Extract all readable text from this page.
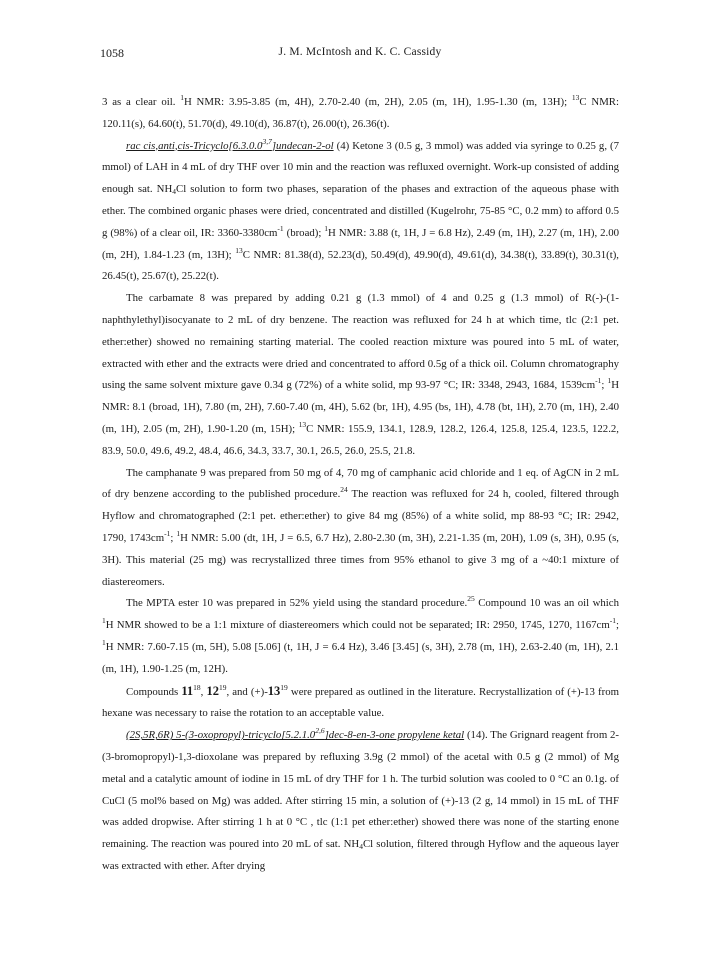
1058	J. M. McIntosh and K. C. Cassidy

3 as a clear oil. $^1$H NMR: 3.95-3.85 (m, 4H), 2.70-2.40 (m, 2H), 2.05 (m, 1H), 1.95-1.30 (m, 13H); $^{13}$C NMR: 120.11(s), 64.60(t), 51.70(d), 49.10(d), 36.87(t), 26.00(t), 26.36(t).

rac cis,anti,cis-Tricyclo[6.3.0.0$^{3,7}$]undecan-2-ol (4) Ketone 3 (0.5 g, 3 mmol) was added via syringe to 0.25 g, (7 mmol) of LAH in 4 mL of dry THF over 10 min and the reaction was refluxed overnight. Work-up consisted of adding enough sat. $NH_4Cl$ solution to form two phases, separation of the phases and extraction of the aqueous phase with ether. The combined organic phases were dried, concentrated and distilled (Kugelrohr, 75-85 °C, 0.2 mm) to afford 0.5 g (98%) of a clear oil, IR: $3360-3380cm^{-1}$ (broad); $^1$H NMR: 3.88 (t, 1H, J = 6.8 Hz), 2.49 (m, 1H), 2.27 (m, 1H), 2.00 (m, 2H), 1.84-1.23 (m, 13H); $^{13}$C NMR: 81.38(d), 52.23(d), 50.49(d), 49.90(d), 49.61(d), 34.38(t), 33.89(t), 30.31(t), 26.45(t), 25.67(t), 25.22(t).

The carbamate 8 was prepared by adding 0.21 g (1.3 mmol) of 4 and 0.25 g (1.3 mmol) of R(-)-(1-naphthylethyl)isocyanate to 2 mL of dry benzene. The reaction was refluxed for 24 h at which time, tlc (2:1 pet. ether:ether) showed no remaining starting material. The cooled reaction mixture was poured into 5 mL of water, extracted with ether and the extracts were dried and concentrated to afford 0.5g of a thick oil. Column chromatography using the same solvent mixture gave 0.34 g (72%) of a white solid, mp 93-97 °C; IR: 3348, 2943, 1684, $1539cm^{-1}$; $^1$H NMR: 8.1 (broad, 1H), 7.80 (m, 2H), 7.60-7.40 (m, 4H), 5.62 (br, 1H), 4.95 (bs, 1H), 4.78 (bt, 1H), 2.70 (m, 1H), 2.40 (m, 1H), 2.05 (m, 2H), 1.90-1.20 (m, 15H); $^{13}$C NMR: 155.9, 134.1, 128.9, 128.2, 126.4, 125.8, 125.4, 123.5, 122.2, 83.9, 50.0, 49.6, 49.2, 48.4, 46.6, 34.3, 33.7, 30.1, 26.5, 26.0, 25.5, 21.8.

The camphanate 9 was prepared from 50 mg of 4, 70 mg of camphanic acid chloride and 1 eq. of AgCN in 2 mL of dry benzene according to the published procedure.$^{24}$ The reaction was refluxed for 24 h, cooled, filtered through Hyflow and chromatographed (2:1 pet. ether:ether) to give 84 mg (85%) of a white solid, mp 88-93 °C; IR: 2942, 1790, $1743cm^{-1}$; $^1$H NMR: 5.00 (dt, 1H, J = 6.5, 6.7 Hz), 2.80-2.30 (m, 3H), 2.21-1.35 (m, 20H), 1.09 (s, 3H), 0.95 (s, 3H). This material (25 mg) was recrystallized three times from 95% ethanol to give 3 mg of a ~40:1 mixture of diastereomers.

The MPTA ester 10 was prepared in 52% yield using the standard procedure.$^{25}$ Compound 10 was an oil which $^1$H NMR showed to be a 1:1 mixture of diastereomers which could not be separated; IR: 2950, 1745, 1270, $1167cm^{-1}$; $^1$H NMR: 7.60-7.15 (m, 5H), 5.08 [5.06] (t, 1H, J = 6.4 Hz), 3.46 [3.45] (s, 3H), 2.78 (m, 1H), 2.63-2.40 (m, 1H), 2.1 (m, 1H), 1.90-1.25 (m, 12H).

Compounds $11^{18}$, $12^{19}$, and $(+)-13^{19}$ were prepared as outlined in the literature. Recrystallization of (+)-13 from hexane was necessary to raise the rotation to an acceptable value.

(2S,5R,6R) 5-(3-oxopropyl)-tricyclo[5.2.1.0$^{2,6}$]dec-8-en-3-one propylene ketal (14). The Grignard reagent from 2-(3-bromopropyl)-1,3-dioxolane was prepared by refluxing 3.9g (2 mmol) of the acetal with 0.5 g (2 mmol) of Mg metal and a catalytic amount of iodine in 15 mL of dry THF for 1 h. The turbid solution was cooled to 0 °C an 0.1g. of CuCl (5 mol% based on Mg) was added. After stirring 15 min, a solution of (+)-13 (2 g, 14 mmol) in 15 mL of THF was added dropwise. After stirring 1 h at 0 °C , tlc (1:1 pet ether:ether) showed there was none of the starting enone remaining. The reaction was poured into 20 mL of sat. $NH_4Cl$ solution, filtered through Hyflow and the aqueous layer was extracted with ether. After drying
